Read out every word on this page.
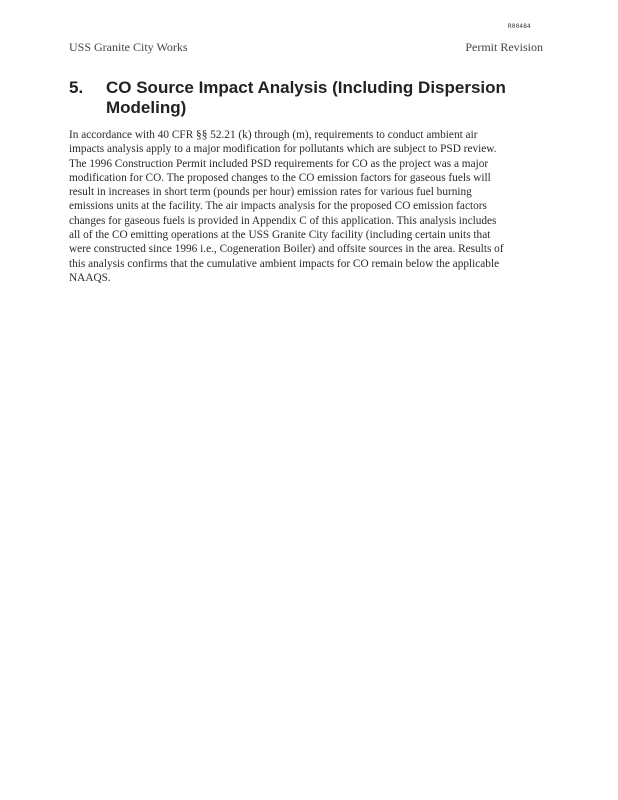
R00484
USS Granite City Works	Permit Revision
5.	CO Source Impact Analysis (Including Dispersion
Modeling)

In accordance with 40 CFR §§ 52.21 (k) through (m), requirements to conduct ambient air
impacts analysis apply to a major modification for pollutants which are subject to PSD review.
The 1996 Construction Permit included PSD requirements for CO as the project was a major
modification for CO. The proposed changes to the CO emission factors for gaseous fuels will
result in increases in short term (pounds per hour) emission rates for various fuel burning
emissions units at the facility. The air impacts analysis for the proposed CO emission factors
changes for gaseous fuels is provided in Appendix C of this application. This analysis includes
all of the CO emitting operations at the USS Granite City facility (including certain units that
were constructed since 1996 i.e., Cogeneration Boiler) and offsite sources in the area. Results of
this analysis confirms that the cumulative ambient impacts for CO remain below the applicable
NAAQS.
